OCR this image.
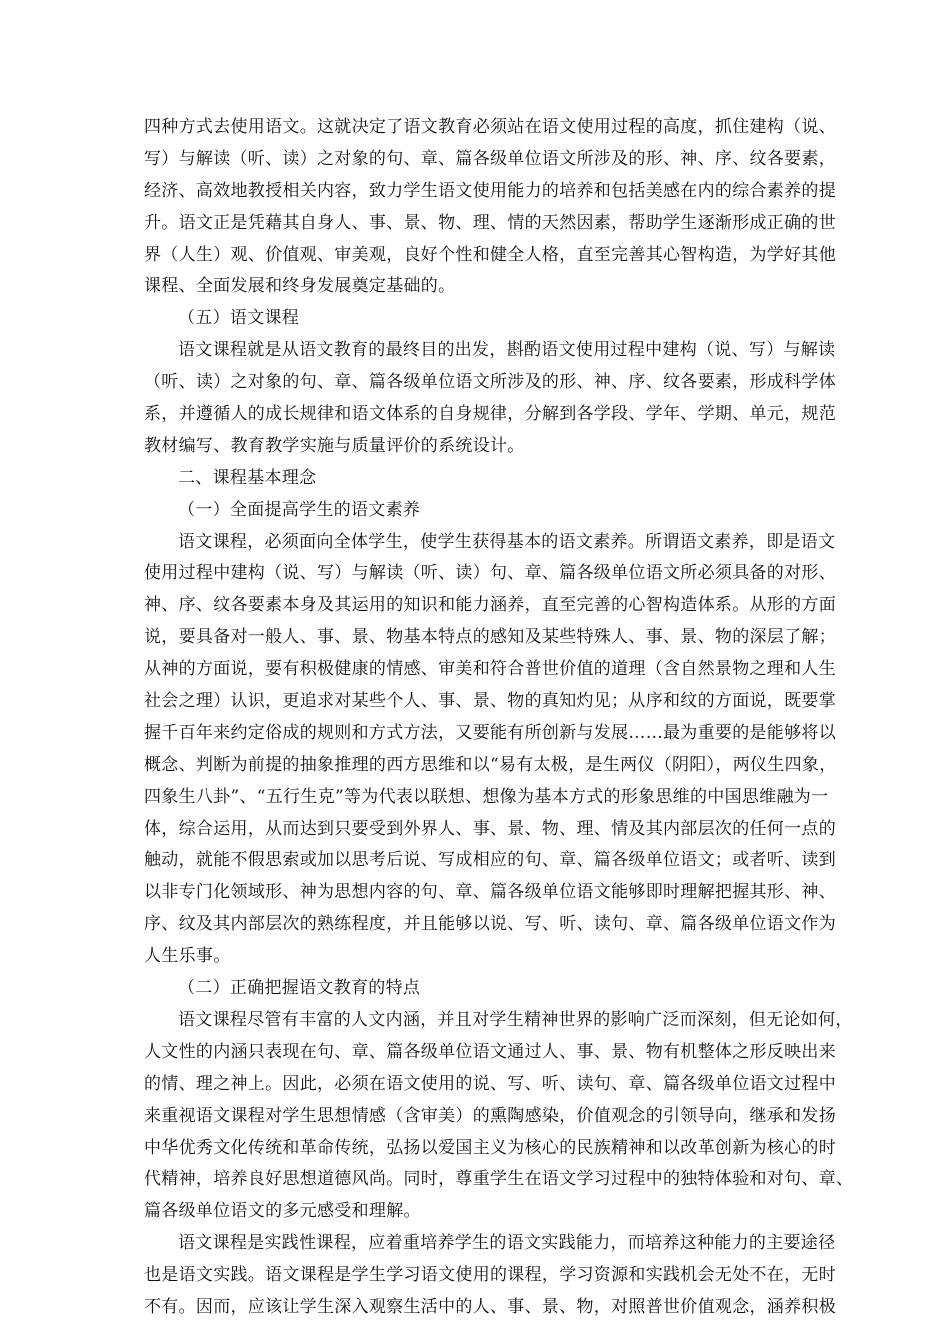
四种方式去使用语文。这就决定了语文教育必须站在语文使用过程的高度，抓住建构（说、
写）与解读（听、读）之对象的句、章、篇各级单位语文所涉及的形、神、序、纹各要素，
经济、高效地教授相关内容，致力学生语文使用能力的培养和包括美感在内的综合素养的提
升。语文正是凭藉其自身人、事、景、物、理、情的天然因素，帮助学生逐渐形成正确的世
界（人生）观、价值观、审美观，良好个性和健全人格，直至完善其心智构造，为学好其他
课程、全面发展和终身发展奠定基础的。
（五）语文课程
语文课程就是从语文教育的最终目的出发，斟酌语文使用过程中建构（说、写）与解读
（听、读）之对象的句、章、篇各级单位语文所涉及的形、神、序、纹各要素，形成科学体
系，并遵循人的成长规律和语文体系的自身规律，分解到各学段、学年、学期、单元，规范
教材编写、教育教学实施与质量评价的系统设计。
二、课程基本理念
（一）全面提高学生的语文素养
语文课程，必须面向全体学生，使学生获得基本的语文素养。所谓语文素养，即是语文
使用过程中建构（说、写）与解读（听、读）句、章、篇各级单位语文所必须具备的对形、
神、序、纹各要素本身及其运用的知识和能力涵养，直至完善的心智构造体系。从形的方面
说，要具备对一般人、事、景、物基本特点的感知及某些特殊人、事、景、物的深层了解；
从神的方面说，要有积极健康的情感、审美和符合普世价值的道理（含自然景物之理和人生
社会之理）认识，更追求对某些个人、事、景、物的真知灼见；从序和纹的方面说，既要掌
握千百年来约定俗成的规则和方式方法，又要能有所创新与发展……最为重要的是能够将以
概念、判断为前提的抽象推理的西方思维和以“易有太极，是生两仪（阴阳），两仪生四象，
四象生八卦”、“五行生克”等为代表以联想、想像为基本方式的形象思维的中国思维融为一
体，综合运用，从而达到只要受到外界人、事、景、物、理、情及其内部层次的任何一点的
触动，就能不假思索或加以思考后说、写成相应的句、章、篇各级单位语文；或者听、读到
以非专门化领域形、神为思想内容的句、章、篇各级单位语文能够即时理解把握其形、神、
序、纹及其内部层次的熟练程度，并且能够以说、写、听、读句、章、篇各级单位语文作为
人生乐事。
（二）正确把握语文教育的特点
语文课程尽管有丰富的人文内涵，并且对学生精神世界的影响广泛而深刻，但无论如何，
人文性的内涵只表现在句、章、篇各级单位语文通过人、事、景、物有机整体之形反映出来
的情、理之神上。因此，必须在语文使用的说、写、听、读句、章、篇各级单位语文过程中
来重视语文课程对学生思想情感（含审美）的熏陶感染，价值观念的引领导向，继承和发扬
中华优秀文化传统和革命传统，弘扬以爱国主义为核心的民族精神和以改革创新为核心的时
代精神，培养良好思想道德风尚。同时，尊重学生在语文学习过程中的独特体验和对句、章、
篇各级单位语文的多元感受和理解。
语文课程是实践性课程，应着重培养学生的语文实践能力，而培养这种能力的主要途径
也是语文实践。语文课程是学生学习语文使用的课程，学习资源和实践机会无处不在，无时
不有。因而，应该让学生深入观察生活中的人、事、景、物，对照普世价值观念，涵养积极
